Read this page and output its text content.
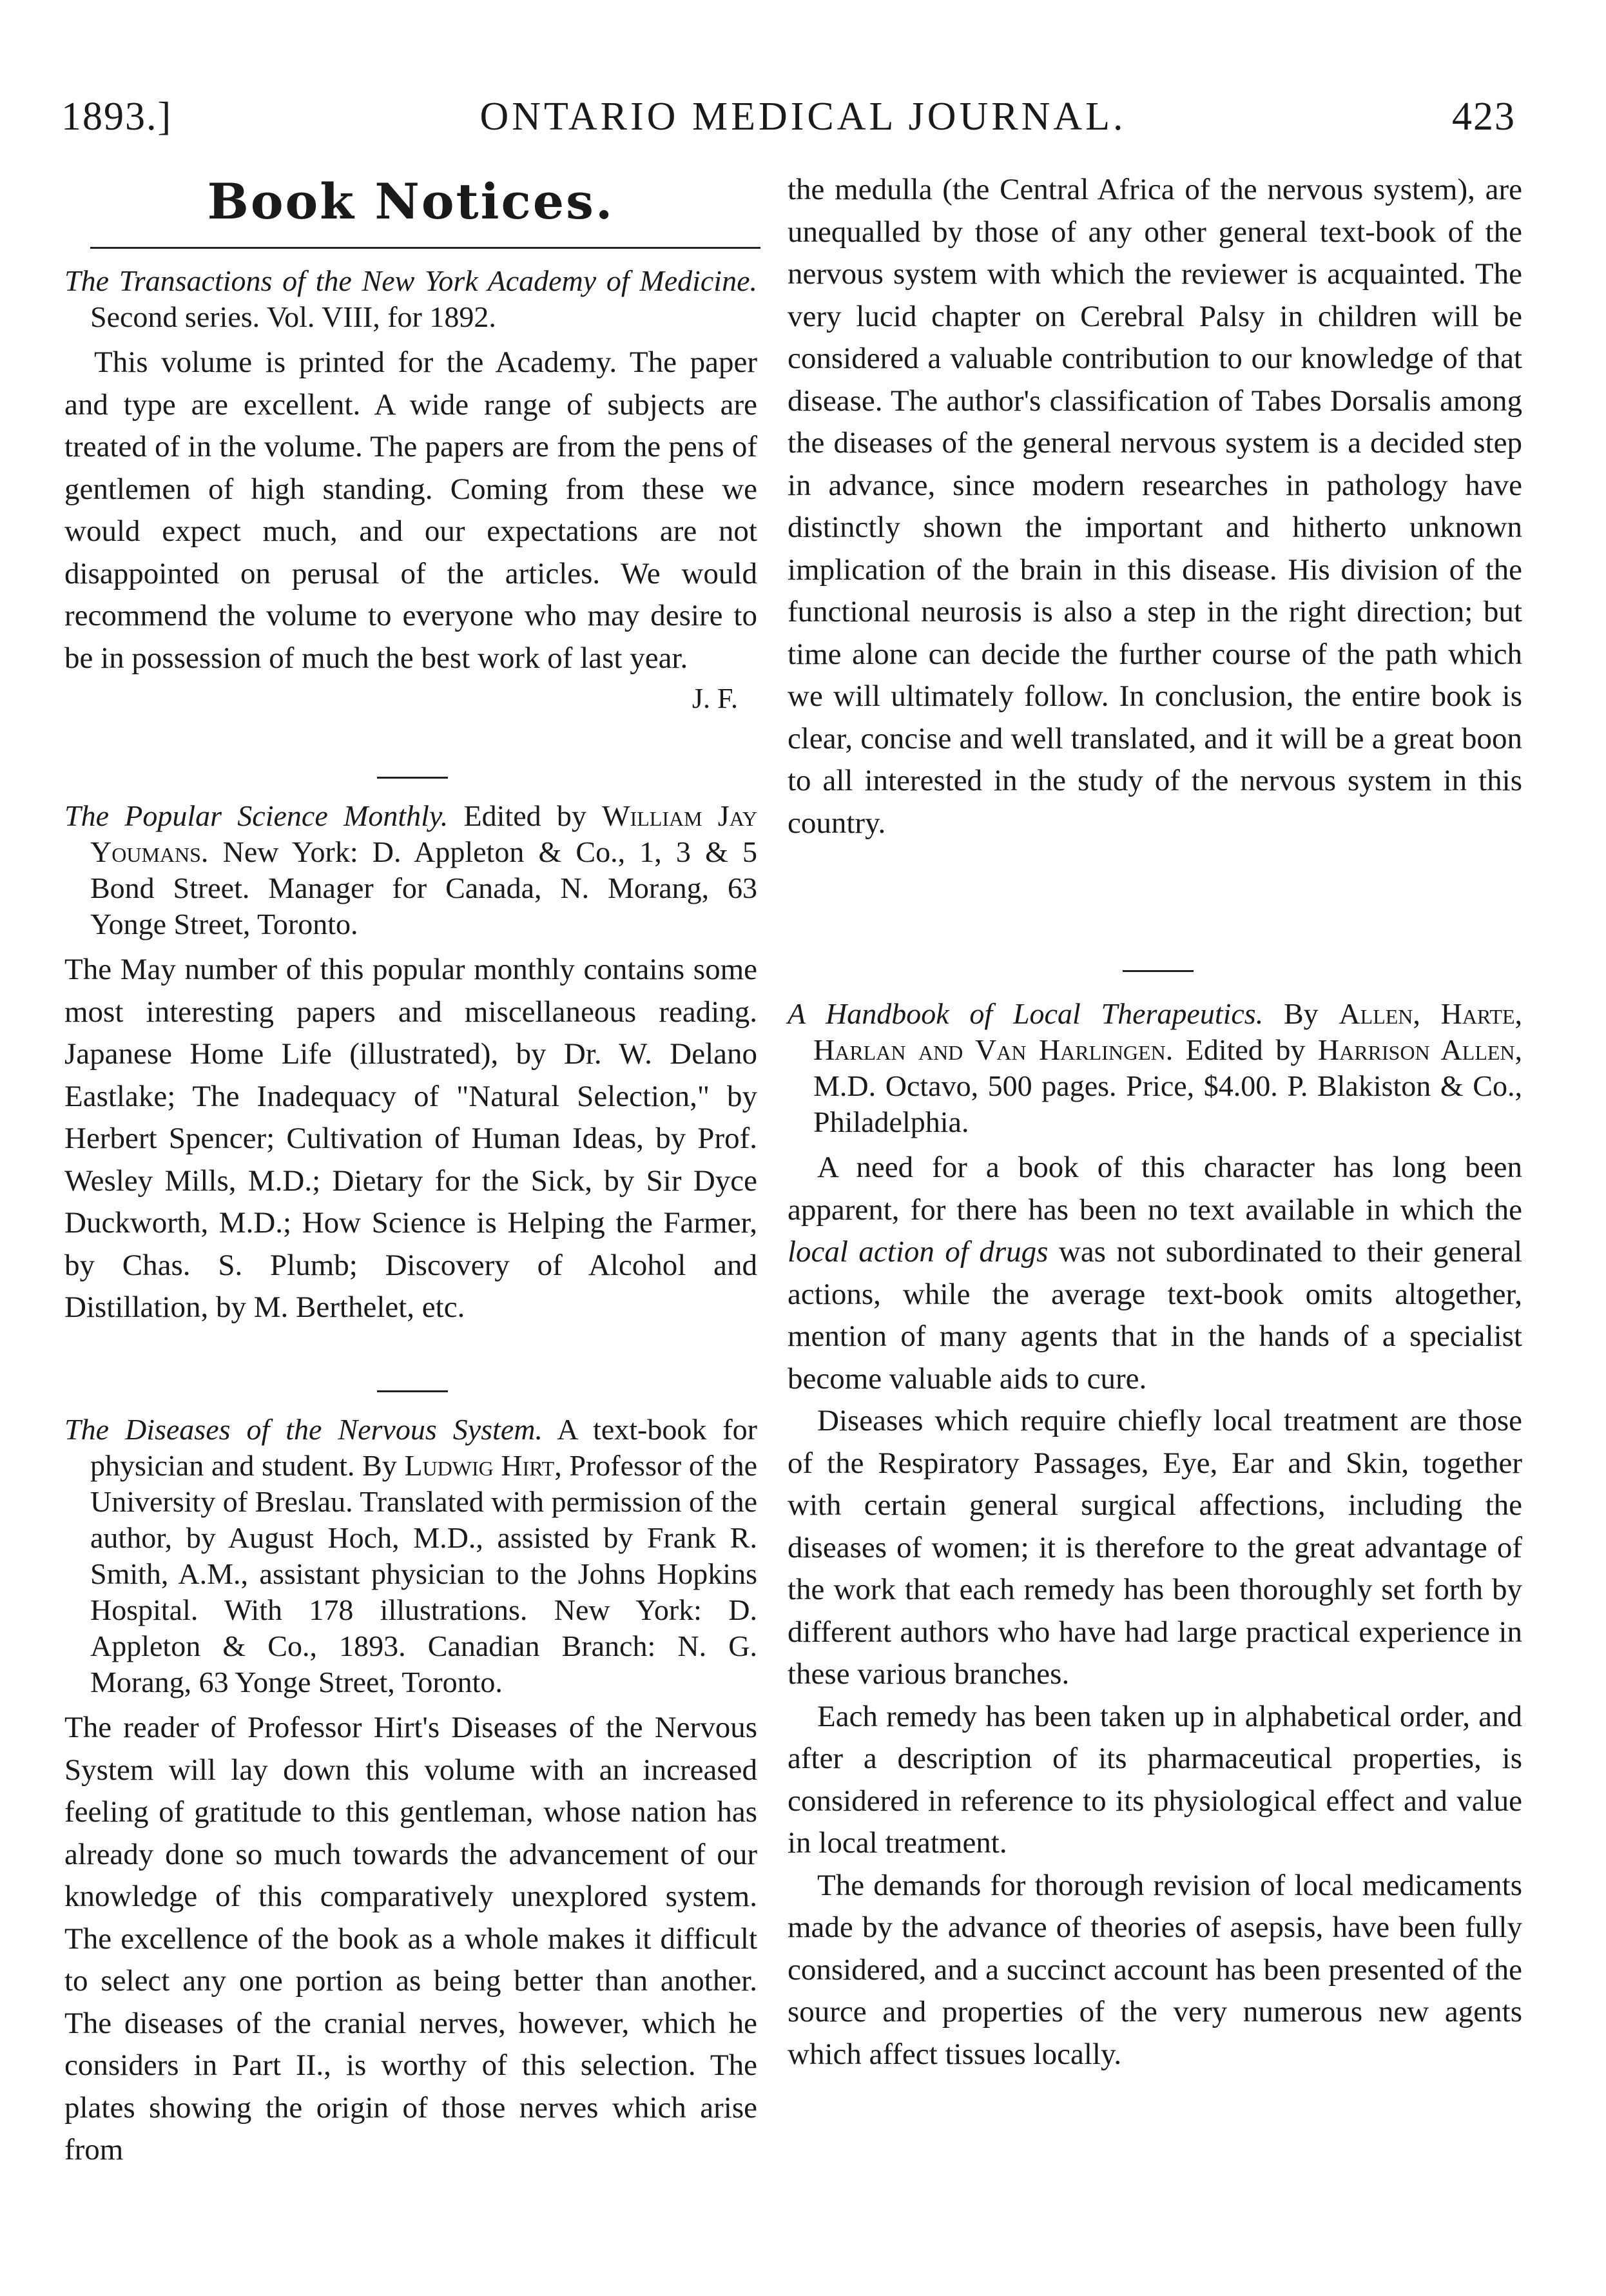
1893.]	ONTARIO MEDICAL JOURNAL.	423
Book Notices.
The Transactions of the New York Academy of Medicine. Second series. Vol. VIII, for 1892.

This volume is printed for the Academy. The paper and type are excellent. A wide range of subjects are treated of in the volume. The papers are from the pens of gentlemen of high standing. Coming from these we would expect much, and our expectations are not disappointed on perusal of the articles. We would recommend the volume to everyone who may desire to be in possession of much the best work of last year.

J. F.
The Popular Science Monthly. Edited by William Jay Youmans. New York: D. Appleton & Co., 1, 3 & 5 Bond Street. Manager for Canada, N. Morang, 63 Yonge Street, Toronto.

The May number of this popular monthly contains some most interesting papers and miscellaneous reading. Japanese Home Life (illustrated), by Dr. W. Delano Eastlake; The Inadequacy of "Natural Selection," by Herbert Spencer; Cultivation of Human Ideas, by Prof. Wesley Mills, M.D.; Dietary for the Sick, by Sir Dyce Duckworth, M.D.; How Science is Helping the Farmer, by Chas. S. Plumb; Discovery of Alcohol and Distillation, by M. Berthelet, etc.

The Diseases of the Nervous System. A text-book for physician and student. By Ludwig Hirt, Professor of the University of Breslau. Translated with permission of the author, by August Hoch, M.D., assisted by Frank R. Smith, A.M., assistant physician to the Johns Hopkins Hospital. With 178 illustrations. New York: D. Appleton & Co., 1893. Canadian Branch: N. G. Morang, 63 Yonge Street, Toronto.

The reader of Professor Hirt's Diseases of the Nervous System will lay down this volume with an increased feeling of gratitude to this gentleman, whose nation has already done so much towards the advancement of our knowledge of this comparatively unexplored system. The excellence of the book as a whole makes it difficult to select any one portion as being better than another. The diseases of the cranial nerves, however, which he considers in Part II., is worthy of this selection. The plates showing the origin of those nerves which arise from

the medulla (the Central Africa of the nervous system), are unequalled by those of any other general text-book of the nervous system with which the reviewer is acquainted. The very lucid chapter on Cerebral Palsy in children will be considered a valuable contribution to our knowledge of that disease. The author's classification of Tabes Dorsalis among the diseases of the general nervous system is a decided step in advance, since modern researches in pathology have distinctly shown the important and hitherto unknown implication of the brain in this disease. His division of the functional neurosis is also a step in the right direction; but time alone can decide the further course of the path which we will ultimately follow. In conclusion, the entire book is clear, concise and well translated, and it will be a great boon to all interested in the study of the nervous system in this country.

A Handbook of Local Therapeutics. By Allen, Harte, Harlan and Van Harlingen. Edited by Harrison Allen, M.D. Octavo, 500 pages. Price, $4.00. P. Blakiston & Co., Philadelphia.

A need for a book of this character has long been apparent, for there has been no text available in which the local action of drugs was not subordinated to their general actions, while the average text-book omits altogether, mention of many agents that in the hands of a specialist become valuable aids to cure.

Diseases which require chiefly local treatment are those of the Respiratory Passages, Eye, Ear and Skin, together with certain general surgical affections, including the diseases of women; it is therefore to the great advantage of the work that each remedy has been thoroughly set forth by different authors who have had large practical experience in these various branches.

Each remedy has been taken up in alphabetical order, and after a description of its pharmaceutical properties, is considered in reference to its physiological effect and value in local treatment.

The demands for thorough revision of local medicaments made by the advance of theories of asepsis, have been fully considered, and a succinct account has been presented of the source and properties of the very numerous new agents which affect tissues locally.
